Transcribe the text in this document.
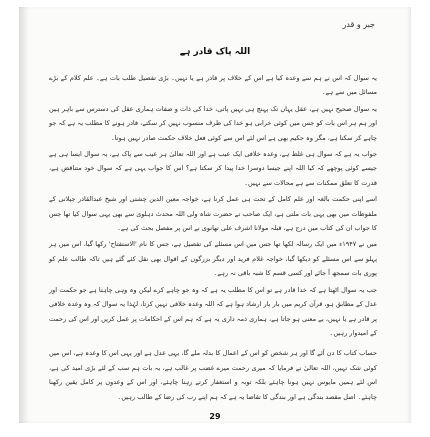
جبر و قدر
اللہ پاک قادر ہے

یہ سوال کہ اس نے ہم سے وعدہ کیا ہے اس کے خلاف پر قادر ہے یا نہیں۔ بڑی تفصیل طلب بات ہے۔ علم کلام کے بڑے مسائل میں سے ہے۔

یہ سوال صحیح نہیں ہے، عقل یہاں تک پہنچ ہی نہیں پاتی، خدا کی ذات و صفات ہماری عقل کی دسترس سے باہر ہیں اور ہم ہر اس بات کو جس میں کوئی خرابی ہو خدا کی طرف منسوب نہیں کر سکتے، قادر ہونے کا مطلب یہ ہے کہ جو چاہے کر سکتا ہے، مگر وہ حکیم بھی ہے اس لئے اس سے کوئی فعل خلاف حکمت صادر نہیں ہوتا۔

جواب یہ ہے کہ سوال ہی غلط ہے، وعدہ خلافی ایک عیب ہے اور اللہ تعالیٰ ہر عیب سے پاک ہے، یہ سوال ایسا ہی ہے جیسے کوئی پوچھے کہ کیا اللہ اپنے جیسا دوسرا خدا پیدا کر سکتا ہے؟ اس کا جواب یہی ہے کہ سوال خود متناقض ہے، قدرت کا تعلق ممکنات سے ہے محالات سے نہیں۔

اسے اپنی حکمت بالغہ اور علم کامل کے تحت ہی عمل کرنا ہے، خواجہ معین الدین چشتی اور شیخ عبدالقادر جیلانی کے ملفوظات میں بھی یہی بات ملتی ہے، ایک صاحب نے حضرت شاہ ولی اللہ محدث دہلوی سے بھی یہی سوال کیا تھا جس کا جواب ان کی کتاب میں درج ہے، قبلہ مولانا اشرف علی تھانوی نے اس پر مفصل بحث کی ہے۔

میں نے ۱۹۴۷ء میں ایک رسالہ لکھا تھا جس میں اس مسئلے کی تفصیل ہے، جس کا نام 'الاستفتاح' رکھا گیا، اس میں ہر پہلو سے اس مسئلے کو دیکھا گیا، خواجہ غلام فرید اور دیگر بزرگوں کے اقوال بھی نقل کئے گئے ہیں تاکہ طالب علم کو پوری بات سمجھ آ جائے اور کسی قسم کا شبہ باقی نہ رہے۔

جب یہ سوال اٹھتا ہے کہ خدا قادر ہے تو اس کا مطلب یہ ہے کہ وہ جو چاہے کرے لیکن وہ وہی چاہتا ہے جو حکمت اور عدل کے مطابق ہو، قرآن کریم میں بار بار ارشاد ہوا ہے کہ اللہ وعدہ خلافی نہیں کرتا، لہٰذا یہ سوال کہ وہ وعدہ خلافی پر قادر ہے یا نہیں، بے معنی ہو جاتا ہے، ہماری ذمہ داری یہ ہے کہ ہم اس کے احکامات پر عمل کریں اور اس کی رحمت کے امیدوار رہیں۔

حساب کتاب کا دن آئے گا اور ہر شخص کو اس کے اعمال کا بدلہ ملے گا، یہی عدل ہے اور یہی اس کا وعدہ ہے، اس میں کوئی شک نہیں، اللہ تعالیٰ نے فرمایا کہ میری رحمت میرے غضب پر غالب ہے، یہ بات ہم سب کے لئے بڑی امید کی ہے، اس لئے ہمیں مایوس نہیں ہونا چاہئے بلکہ توبہ و استغفار کرتے رہنا چاہئے، اور اس کے وعدوں پر کامل یقین رکھنا چاہئے۔ اصل مقصد بندگی ہے اور بندگی کا تقاضا یہ ہے کہ ہم اپنے رب کی رضا کے طالب رہیں۔

29
